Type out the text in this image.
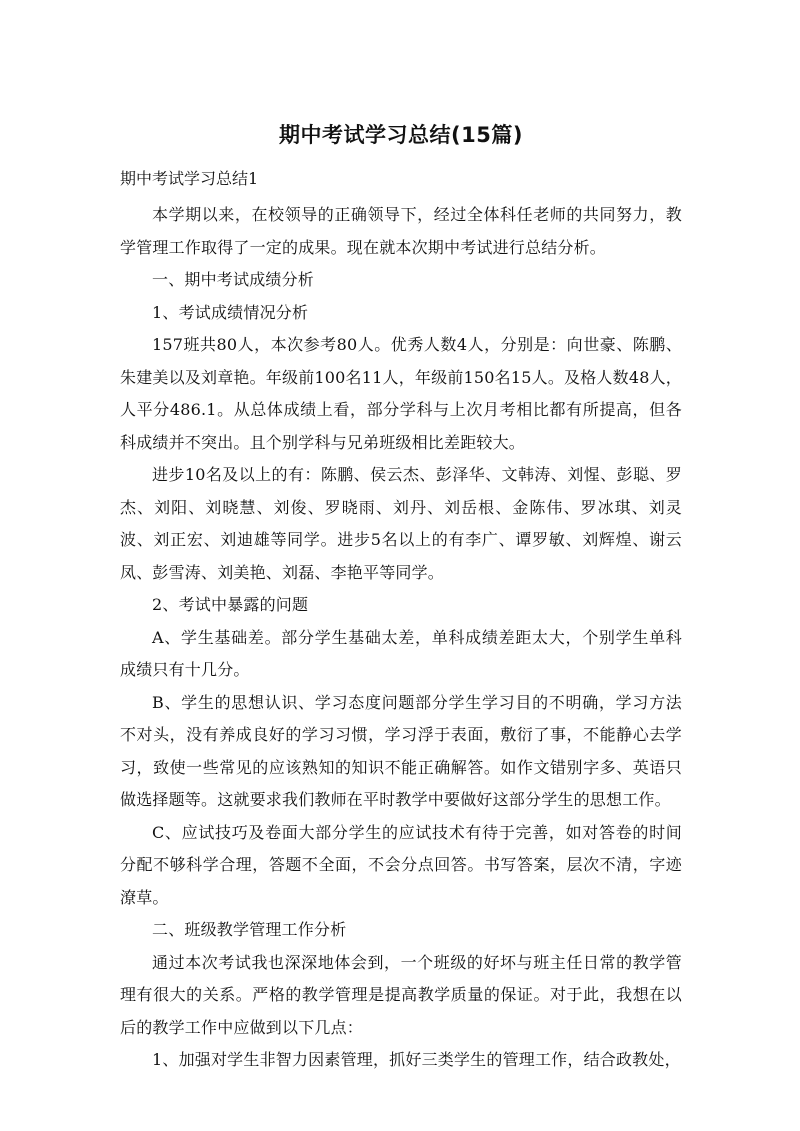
期中考试学习总结(15篇)
期中考试学习总结1

本学期以来，在校领导的正确领导下，经过全体科任老师的共同努力，教学管理工作取得了一定的成果。现在就本次期中考试进行总结分析。

一、期中考试成绩分析

1、考试成绩情况分析

157班共80人，本次参考80人。优秀人数4人，分别是：向世豪、陈鹏、朱建美以及刘章艳。年级前100名11人，年级前150名15人。及格人数48人，人平分486.1。从总体成绩上看，部分学科与上次月考相比都有所提高，但各科成绩并不突出。且个别学科与兄弟班级相比差距较大。

进步10名及以上的有：陈鹏、侯云杰、彭泽华、文韩涛、刘惺、彭聪、罗杰、刘阳、刘晓慧、刘俊、罗晓雨、刘丹、刘岳根、金陈伟、罗冰琪、刘灵波、刘正宏、刘迪雄等同学。进步5名以上的有李广、谭罗敏、刘辉煌、谢云凤、彭雪涛、刘美艳、刘磊、李艳平等同学。

2、考试中暴露的问题

A、学生基础差。部分学生基础太差，单科成绩差距太大，个别学生单科成绩只有十几分。

B、学生的思想认识、学习态度问题部分学生学习目的不明确，学习方法不对头，没有养成良好的学习习惯，学习浮于表面，敷衍了事，不能静心去学习，致使一些常见的应该熟知的知识不能正确解答。如作文错别字多、英语只做选择题等。这就要求我们教师在平时教学中要做好这部分学生的思想工作。

C、应试技巧及卷面大部分学生的应试技术有待于完善，如对答卷的时间分配不够科学合理，答题不全面，不会分点回答。书写答案，层次不清，字迹潦草。

二、班级教学管理工作分析

通过本次考试我也深深地体会到，一个班级的好坏与班主任日常的教学管理有很大的关系。严格的教学管理是提高教学质量的保证。对于此，我想在以后的教学工作中应做到以下几点：

1、加强对学生非智力因素管理，抓好三类学生的管理工作，结合政教处，
